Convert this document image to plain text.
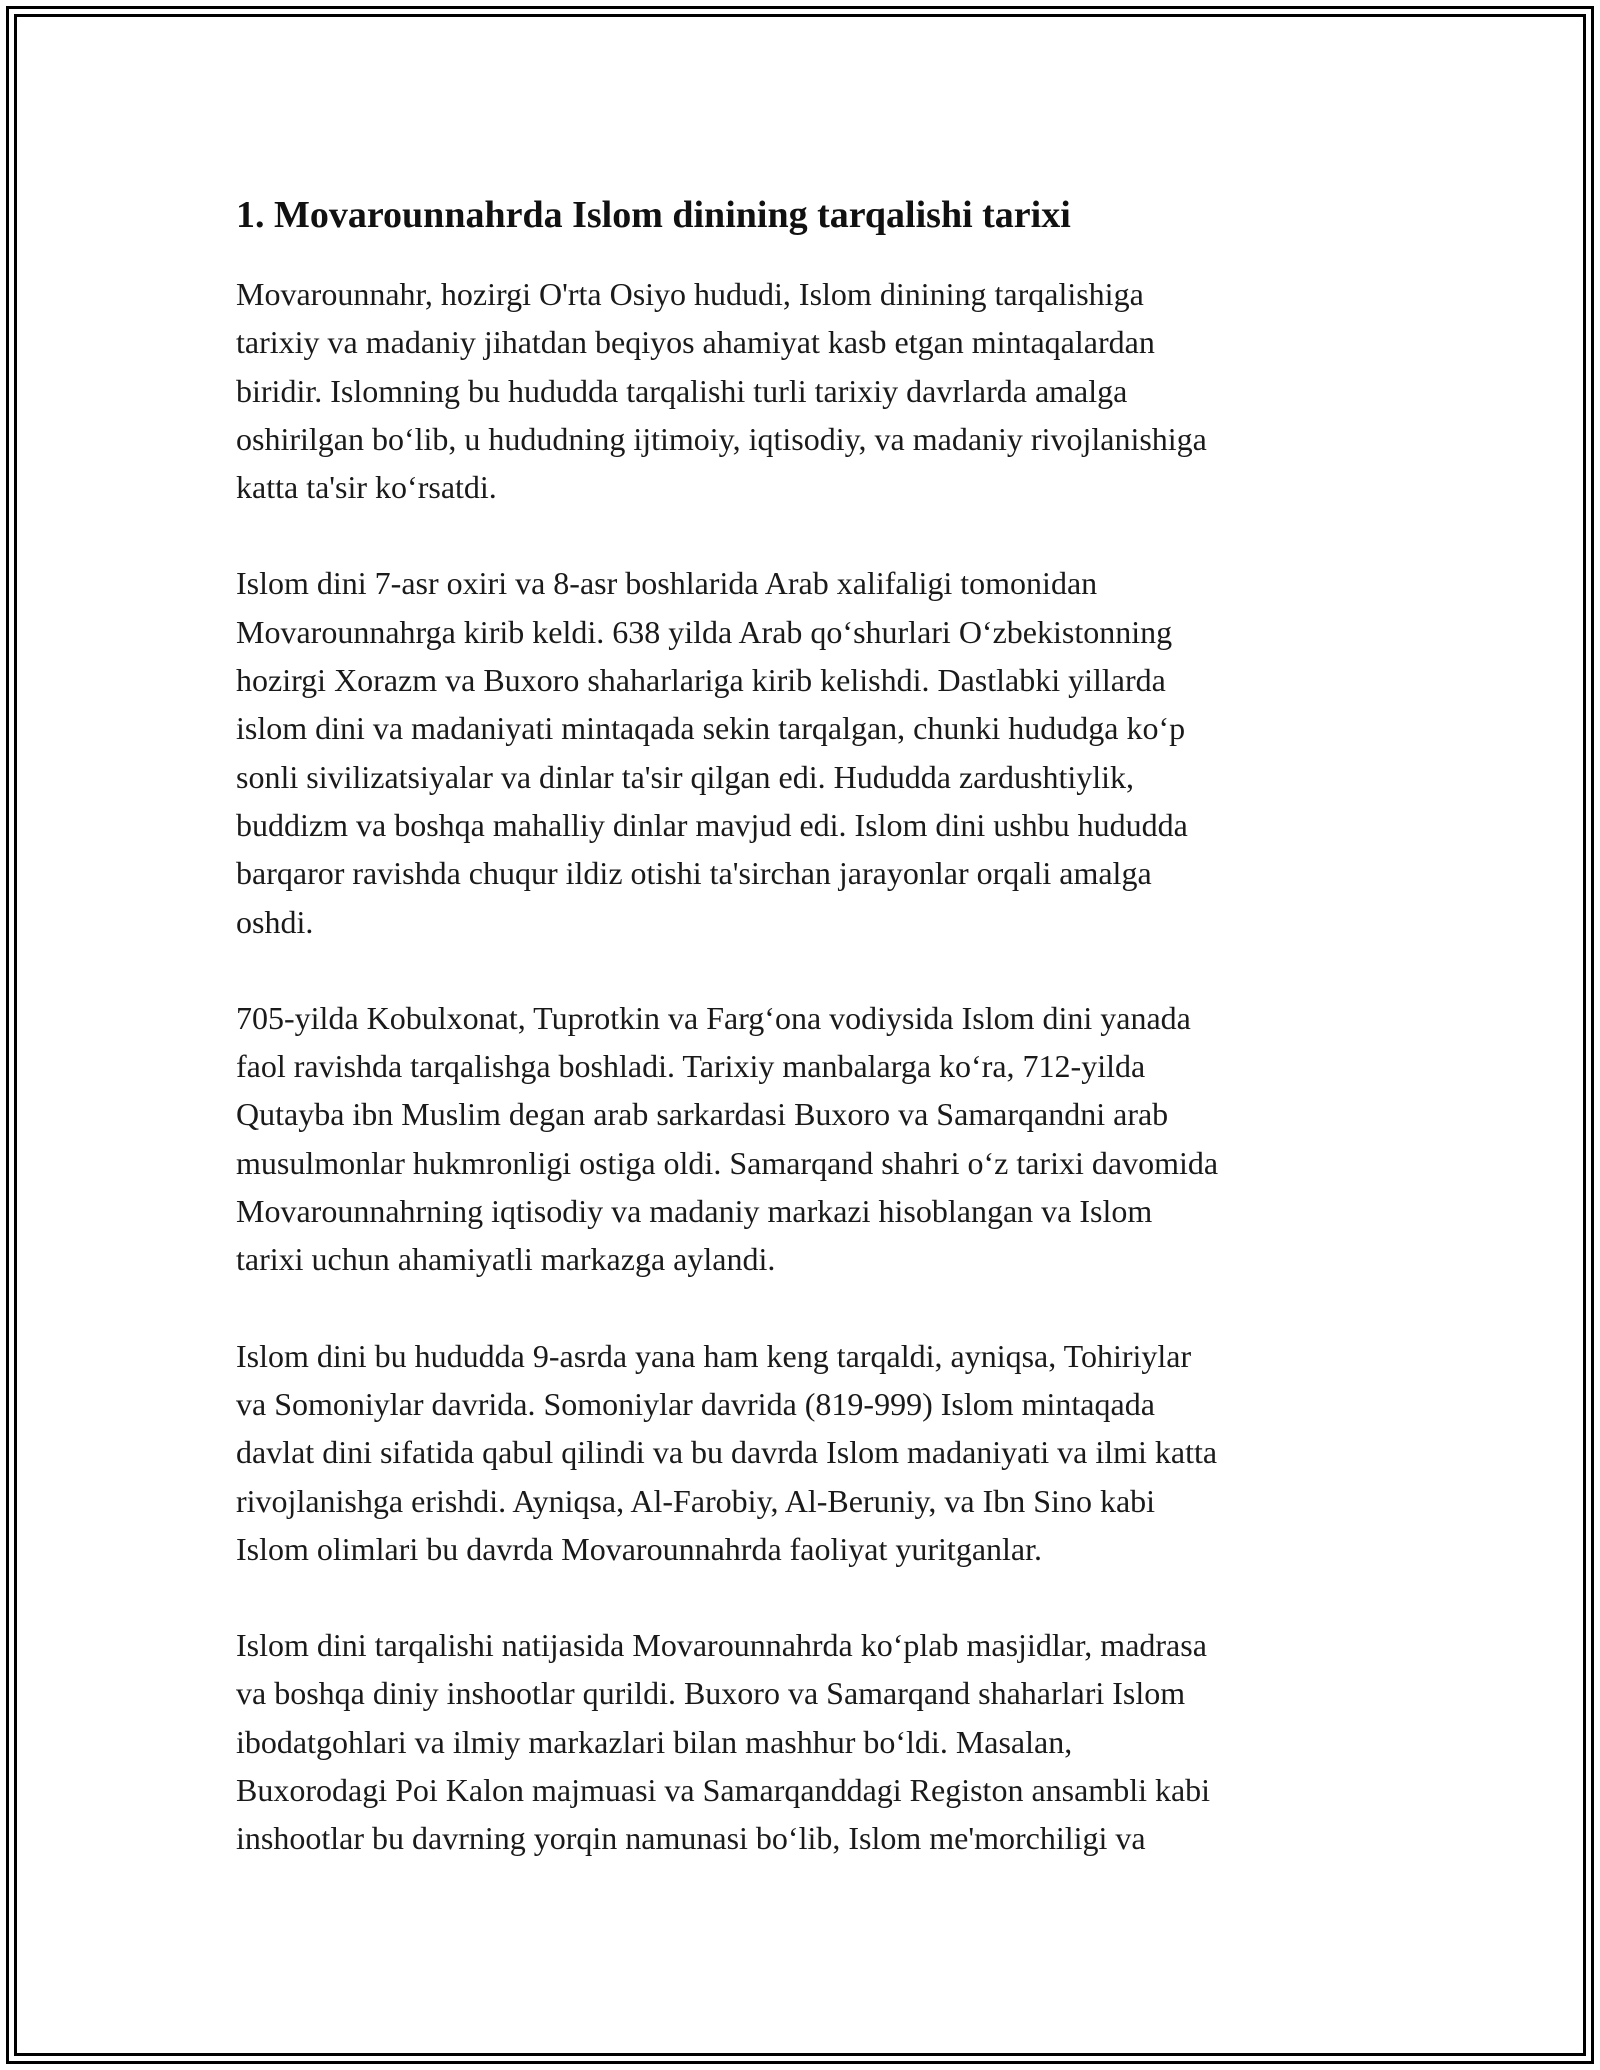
1. Movarounnahrda Islom dinining tarqalishi tarixi

Movarounnahr, hozirgi O'rta Osiyo hududi, Islom dinining tarqalishiga
tarixiy va madaniy jihatdan beqiyos ahamiyat kasb etgan mintaqalardan
biridir. Islomning bu hududda tarqalishi turli tarixiy davrlarda amalga
oshirilgan boʻlib, u hududning ijtimoiy, iqtisodiy, va madaniy rivojlanishiga
katta ta'sir koʻrsatdi.

Islom dini 7-asr oxiri va 8-asr boshlarida Arab xalifaligi tomonidan
Movarounnahrga kirib keldi. 638 yilda Arab qoʻshurlari Oʻzbekistonning
hozirgi Xorazm va Buxoro shaharlariga kirib kelishdi. Dastlabki yillarda
islom dini va madaniyati mintaqada sekin tarqalgan, chunki hududga koʻp
sonli sivilizatsiyalar va dinlar ta'sir qilgan edi. Hududda zardushtiylik,
buddizm va boshqa mahalliy dinlar mavjud edi. Islom dini ushbu hududda
barqaror ravishda chuqur ildiz otishi ta'sirchan jarayonlar orqali amalga
oshdi.

705-yilda Kobulxonat, Tuprotkin va Fargʻona vodiysida Islom dini yanada
faol ravishda tarqalishga boshladi. Tarixiy manbalarga koʻra, 712-yilda
Qutayba ibn Muslim degan arab sarkardasi Buxoro va Samarqandni arab
musulmonlar hukmronligi ostiga oldi. Samarqand shahri oʻz tarixi davomida
Movarounnahrning iqtisodiy va madaniy markazi hisoblangan va Islom
tarixi uchun ahamiyatli markazga aylandi.

Islom dini bu hududda 9-asrda yana ham keng tarqaldi, ayniqsa, Tohiriylar
va Somoniylar davrida. Somoniylar davrida (819-999) Islom mintaqada
davlat dini sifatida qabul qilindi va bu davrda Islom madaniyati va ilmi katta
rivojlanishga erishdi. Ayniqsa, Al-Farobiy, Al-Beruniy, va Ibn Sino kabi
Islom olimlari bu davrda Movarounnahrda faoliyat yuritganlar.

Islom dini tarqalishi natijasida Movarounnahrda koʻplab masjidlar, madrasa
va boshqa diniy inshootlar qurildi. Buxoro va Samarqand shaharlari Islom
ibodatgohlari va ilmiy markazlari bilan mashhur boʻldi. Masalan,
Buxorodagi Poi Kalon majmuasi va Samarqanddagi Registon ansambli kabi
inshootlar bu davrning yorqin namunasi boʻlib, Islom me'morchiligi va
